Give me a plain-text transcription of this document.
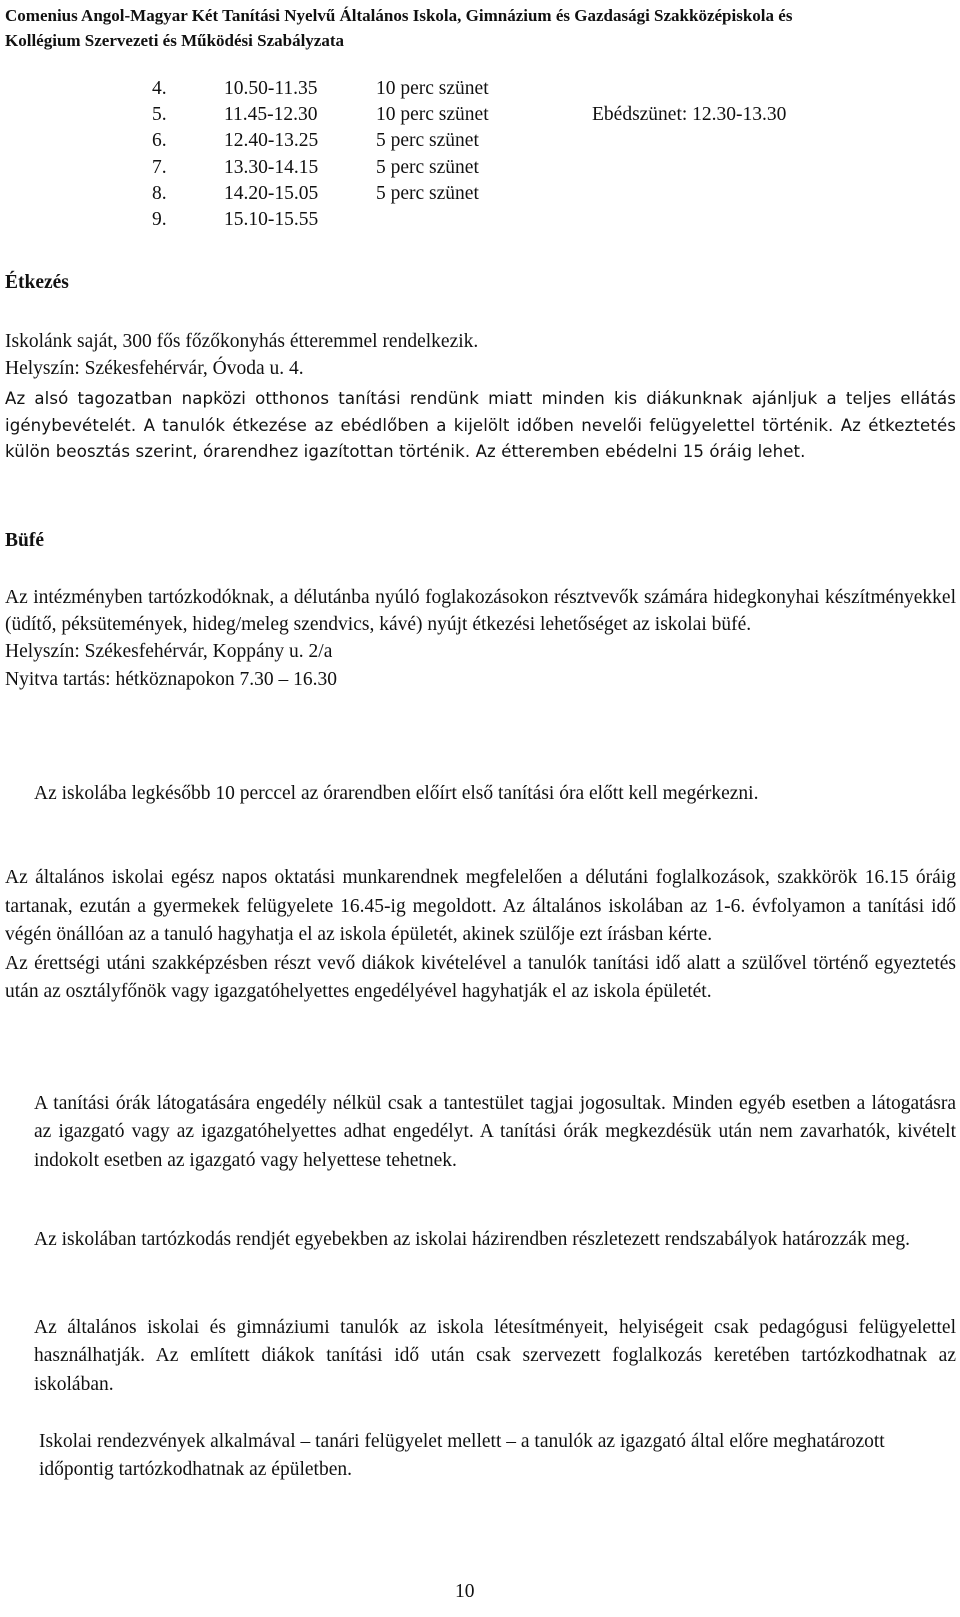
Comenius Angol-Magyar Két Tanítási Nyelvű Általános Iskola, Gimnázium és Gazdasági Szakközépiskola és
Kollégium Szervezeti és Működési Szabályzata
4.	10.50-11.35	10 perc szünet
5.	11.45-12.30	10 perc szünet	Ebédszünet: 12.30-13.30
6.	12.40-13.25	5 perc szünet
7.	13.30-14.15	5 perc szünet
8.	14.20-15.05	5 perc szünet
9.	15.10-15.55
Étkezés

Iskolánk saját, 300 fős főzőkonyhás étteremmel rendelkezik.

Helyszín: Székesfehérvár, Óvoda u. 4.

Az alsó tagozatban napközi otthonos tanítási rendünk miatt minden kis diákunknak ajánljuk a teljes ellátás igénybevételét. A tanulók étkezése az ebédlőben a kijelölt időben nevelői felügyelettel történik. Az étkeztetés külön beosztás szerint, órarendhez igazítottan történik. Az étteremben ebédelni 15 óráig lehet.

Büfé

Az intézményben tartózkodóknak, a délutánba nyúló foglakozásokon résztvevők számára hidegkonyhai készítményekkel (üdítő, péksütemények, hideg/meleg szendvics, kávé) nyújt étkezési lehetőséget az iskolai büfé.

Helyszín: Székesfehérvár, Koppány u. 2/a

Nyitva tartás: hétköznapokon 7.30 – 16.30

Az iskolába legkésőbb 10 perccel az órarendben előírt első tanítási óra előtt kell megérkezni.

Az általános iskolai egész napos oktatási munkarendnek megfelelően a délutáni foglalkozások, szakkörök 16.15 óráig tartanak, ezután a gyermekek felügyelete 16.45-ig megoldott. Az általános iskolában az 1-6. évfolyamon a tanítási idő végén önállóan az a tanuló hagyhatja el az iskola épületét, akinek szülője ezt írásban kérte.

Az érettségi utáni szakképzésben részt vevő diákok kivételével a tanulók tanítási idő alatt a szülővel történő egyeztetés után az osztályfőnök vagy igazgatóhelyettes engedélyével hagyhatják el az iskola épületét.

A tanítási órák látogatására engedély nélkül csak a tantestület tagjai jogosultak. Minden egyéb esetben a látogatásra az igazgató vagy az igazgatóhelyettes adhat engedélyt. A tanítási órák megkezdésük után nem zavarhatók, kivételt indokolt esetben az igazgató vagy helyettese tehetnek.

Az iskolában tartózkodás rendjét egyebekben az iskolai házirendben részletezett rendszabályok határozzák meg.

Az általános iskolai és gimnáziumi tanulók az iskola létesítményeit, helyiségeit csak pedagógusi felügyelettel használhatják. Az említett diákok tanítási idő után csak szervezett foglalkozás keretében tartózkodhatnak az iskolában.

Iskolai rendezvények alkalmával – tanári felügyelet mellett – a tanulók az igazgató által előre meghatározott időpontig tartózkodhatnak az épületben.

10
